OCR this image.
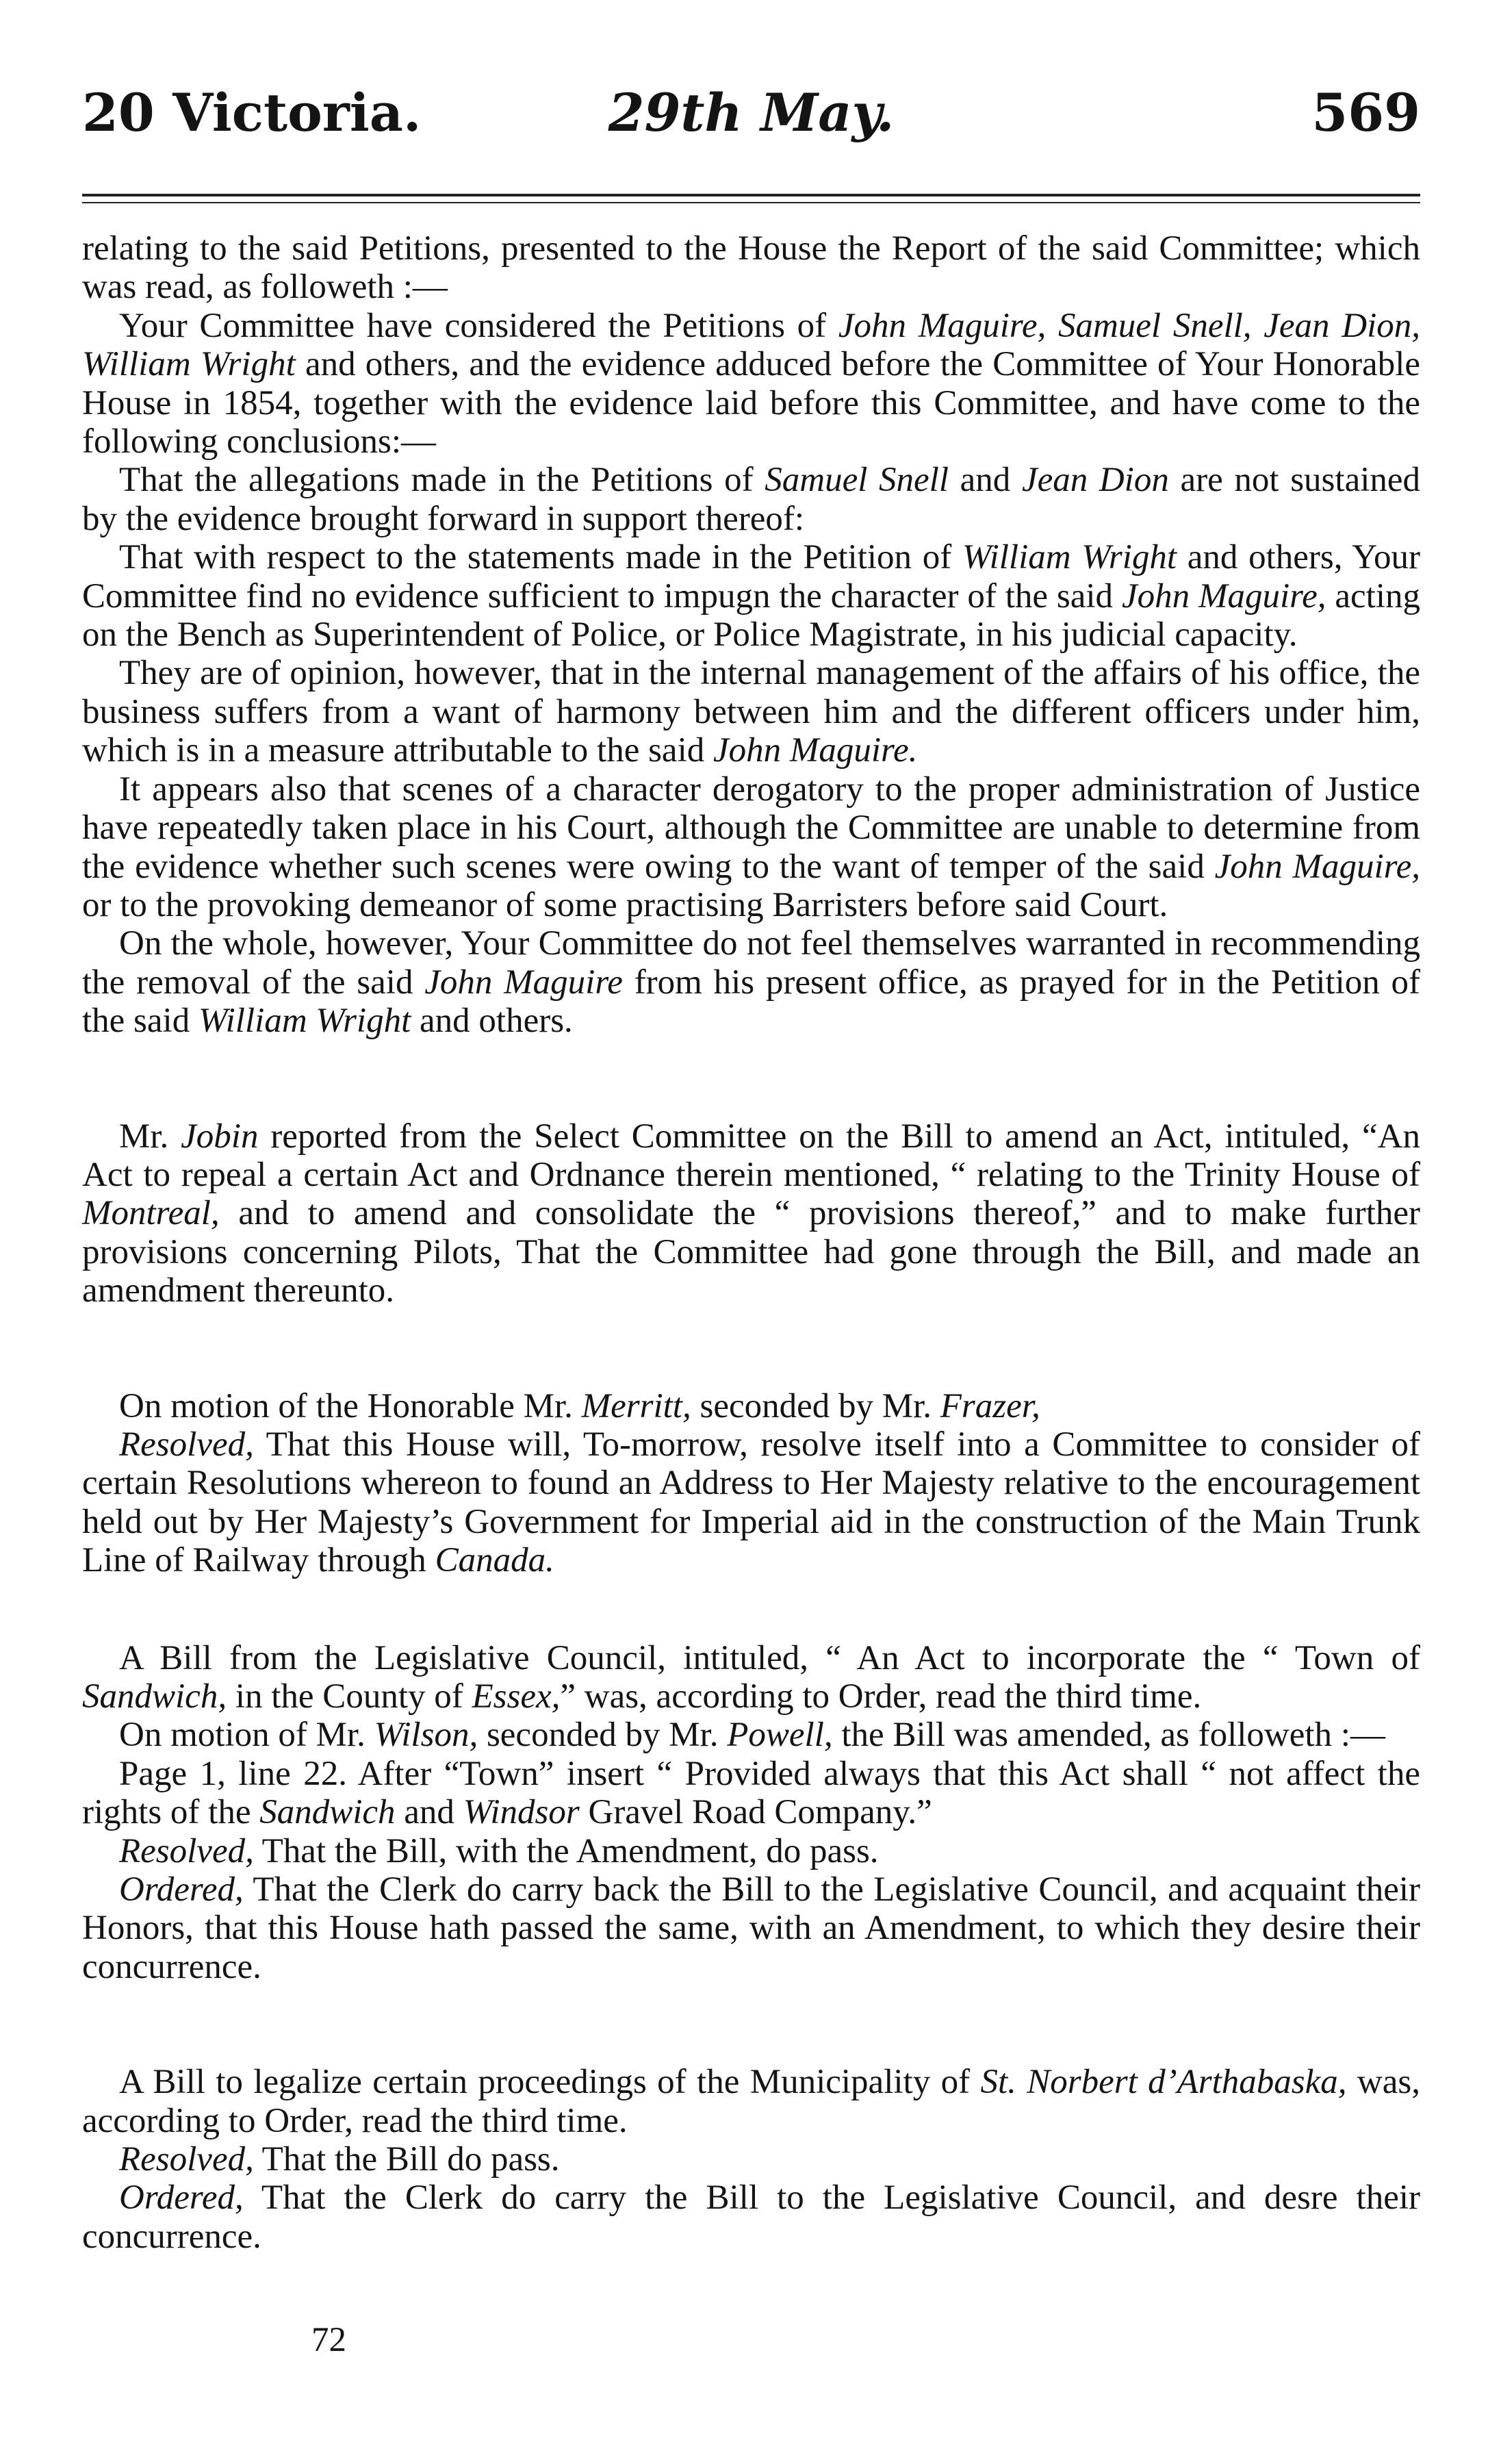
20 Victoria.	29th May.	569

relating to the said Petitions, presented to the House the Report of the said Committee; which was read, as followeth :—

Your Committee have considered the Petitions of John Maguire, Samuel Snell, Jean Dion, William Wright and others, and the evidence adduced before the Committee of Your Honorable House in 1854, together with the evidence laid before this Committee, and have come to the following conclusions:—

That the allegations made in the Petitions of Samuel Snell and Jean Dion are not sustained by the evidence brought forward in support thereof:

That with respect to the statements made in the Petition of William Wright and others, Your Committee find no evidence sufficient to impugn the character of the said John Maguire, acting on the Bench as Superintendent of Police, or Police Magistrate, in his judicial capacity.

They are of opinion, however, that in the internal management of the affairs of his office, the business suffers from a want of harmony between him and the different officers under him, which is in a measure attributable to the said John Maguire.

It appears also that scenes of a character derogatory to the proper administration of Justice have repeatedly taken place in his Court, although the Committee are unable to determine from the evidence whether such scenes were owing to the want of temper of the said John Maguire, or to the provoking demeanor of some practising Barristers before said Court.

On the whole, however, Your Committee do not feel themselves warranted in recommending the removal of the said John Maguire from his present office, as prayed for in the Petition of the said William Wright and others.

Mr. Jobin reported from the Select Committee on the Bill to amend an Act, intituled, “An Act to repeal a certain Act and Ordnance therein mentioned, “ relating to the Trinity House of Montreal, and to amend and consolidate the “ provisions thereof,” and to make further provisions concerning Pilots, That the Committee had gone through the Bill, and made an amendment thereunto.

On motion of the Honorable Mr. Merritt, seconded by Mr. Frazer,

Resolved, That this House will, To-morrow, resolve itself into a Committee to consider of certain Resolutions whereon to found an Address to Her Majesty relative to the encouragement held out by Her Majesty’s Government for Imperial aid in the construction of the Main Trunk Line of Railway through Canada.

A Bill from the Legislative Council, intituled, “ An Act to incorporate the “ Town of Sandwich, in the County of Essex,” was, according to Order, read the third time.

On motion of Mr. Wilson, seconded by Mr. Powell, the Bill was amended, as followeth :—

Page 1, line 22. After “Town” insert “ Provided always that this Act shall “ not affect the rights of the Sandwich and Windsor Gravel Road Company.”

Resolved, That the Bill, with the Amendment, do pass.

Ordered, That the Clerk do carry back the Bill to the Legislative Council, and acquaint their Honors, that this House hath passed the same, with an Amendment, to which they desire their concurrence.

A Bill to legalize certain proceedings of the Municipality of St. Norbert d’Arthabaska, was, according to Order, read the third time.

Resolved, That the Bill do pass.

Ordered, That the Clerk do carry the Bill to the Legislative Council, and desre their concurrence.

72
